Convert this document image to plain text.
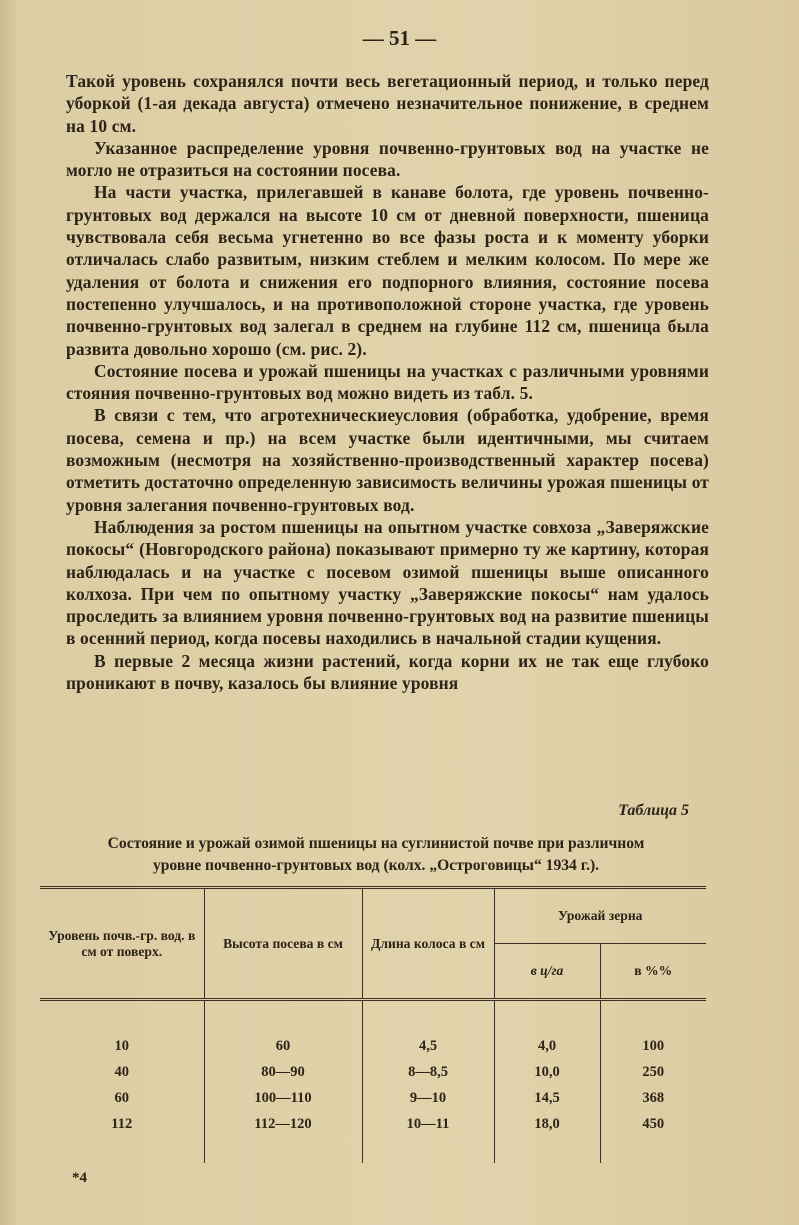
— 51 —

Такой уровень сохранялся почти весь вегетационный период, и только перед уборкой (1-ая декада августа) отмечено незначительное понижение, в среднем на 10 см.

Указанное распределение уровня почвенно-грунтовых вод на участке не могло не отразиться на состоянии посева.

На части участка, прилегавшей в канаве болота, где уровень почвенно-грунтовых вод держался на высоте 10 см от дневной поверхности, пшеница чувствовала себя весьма угнетенно во все фазы роста и к моменту уборки отличалась слабо развитым, низким стеблем и мелким колосом. По мере же удаления от болота и снижения его подпорного влияния, состояние посева постепенно улучшалось, и на противоположной стороне участка, где уровень почвенно-грунтовых вод залегал в среднем на глубине 112 см, пшеница была развита довольно хорошо (см. рис. 2).

Состояние посева и урожай пшеницы на участках с различными уровнями стояния почвенно-грунтовых вод можно видеть из табл. 5.

В связи с тем, что агротехническиеусловия (обработка, удобрение, время посева, семена и пр.) на всем участке были идентичными, мы считаем возможным (несмотря на хозяйственно-производственный характер посева) отметить достаточно определенную зависимость величины урожая пшеницы от уровня залегания почвенно-грунтовых вод.

Наблюдения за ростом пшеницы на опытном участке совхоза „Заверяжские покосы“ (Новгородского района) показывают примерно ту же картину, которая наблюдалась и на участке с посевом озимой пшеницы выше описанного колхоза. При чем по опытному участку „Заверяжские покосы“ нам удалось проследить за влиянием уровня почвенно-грунтовых вод на развитие пшеницы в осенний период, когда посевы находились в начальной стадии кущения.

В первые 2 месяца жизни растений, когда корни их не так еще глубоко проникают в почву, казалось бы влияние уровня

Таблица 5
Состояние и урожай озимой пшеницы на суглинистой почве при различном
уровне почвенно-грунтовых вод (колх. „Острогoвицы“ 1934 г.).
Уровень почв.-гр. вод. в см от поверх.	Высота посева в см	Длина колоса в см	Урожай зерна	
			в ц/га	в %%
10	60	4,5	4,0	100
40	80—90	8—8,5	10,0	250
60	100—110	9—10	14,5	368
112	112—120	10—11	18,0	450
*4
